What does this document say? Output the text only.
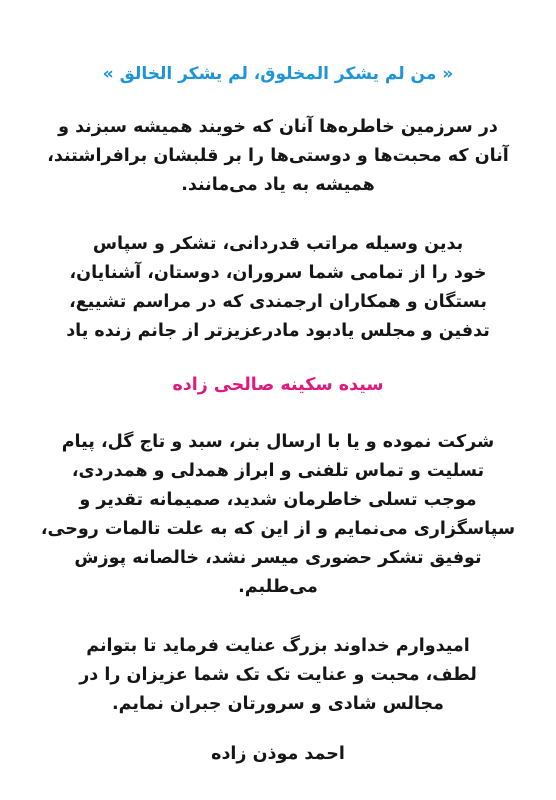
« من لم يشكر المخلوق، لم يشكر الخالق »
در سرزمین خاطره‌ها آنان که خویند همیشه سبزند و
آنان که محبت‌ها و دوستی‌ها را بر قلبشان برافراشتند،
همیشه به یاد می‌مانند.
بدین وسیله مراتب قدردانی، تشکر و سپاس
خود را از تمامی شما سروران، دوستان، آشنایان،
بستگان و همکاران ارجمندی که در مراسم تشییع،
تدفین و مجلس یادبود مادرعزیزتر از جانم زنده یاد
سیده سکینه صالحی زاده
شرکت نموده و یا با ارسال بنر، سبد و تاج گل، پیام
تسلیت و تماس تلفنی و ابراز همدلی و همدردی،
موجب تسلی خاطرمان شدید، صمیمانه تقدیر و
سپاسگزاری می‌نمایم و از این که به علت تالمات روحی،
توفیق تشکر حضوری میسر نشد، خالصانه پوزش
می‌طلبم.
امیدوارم خداوند بزرگ عنایت فرماید تا بتوانم
لطف، محبت و عنایت تک تک شما عزیزان را در
مجالس شادی و سرورتان جبران نمایم.
احمد موذن زاده
